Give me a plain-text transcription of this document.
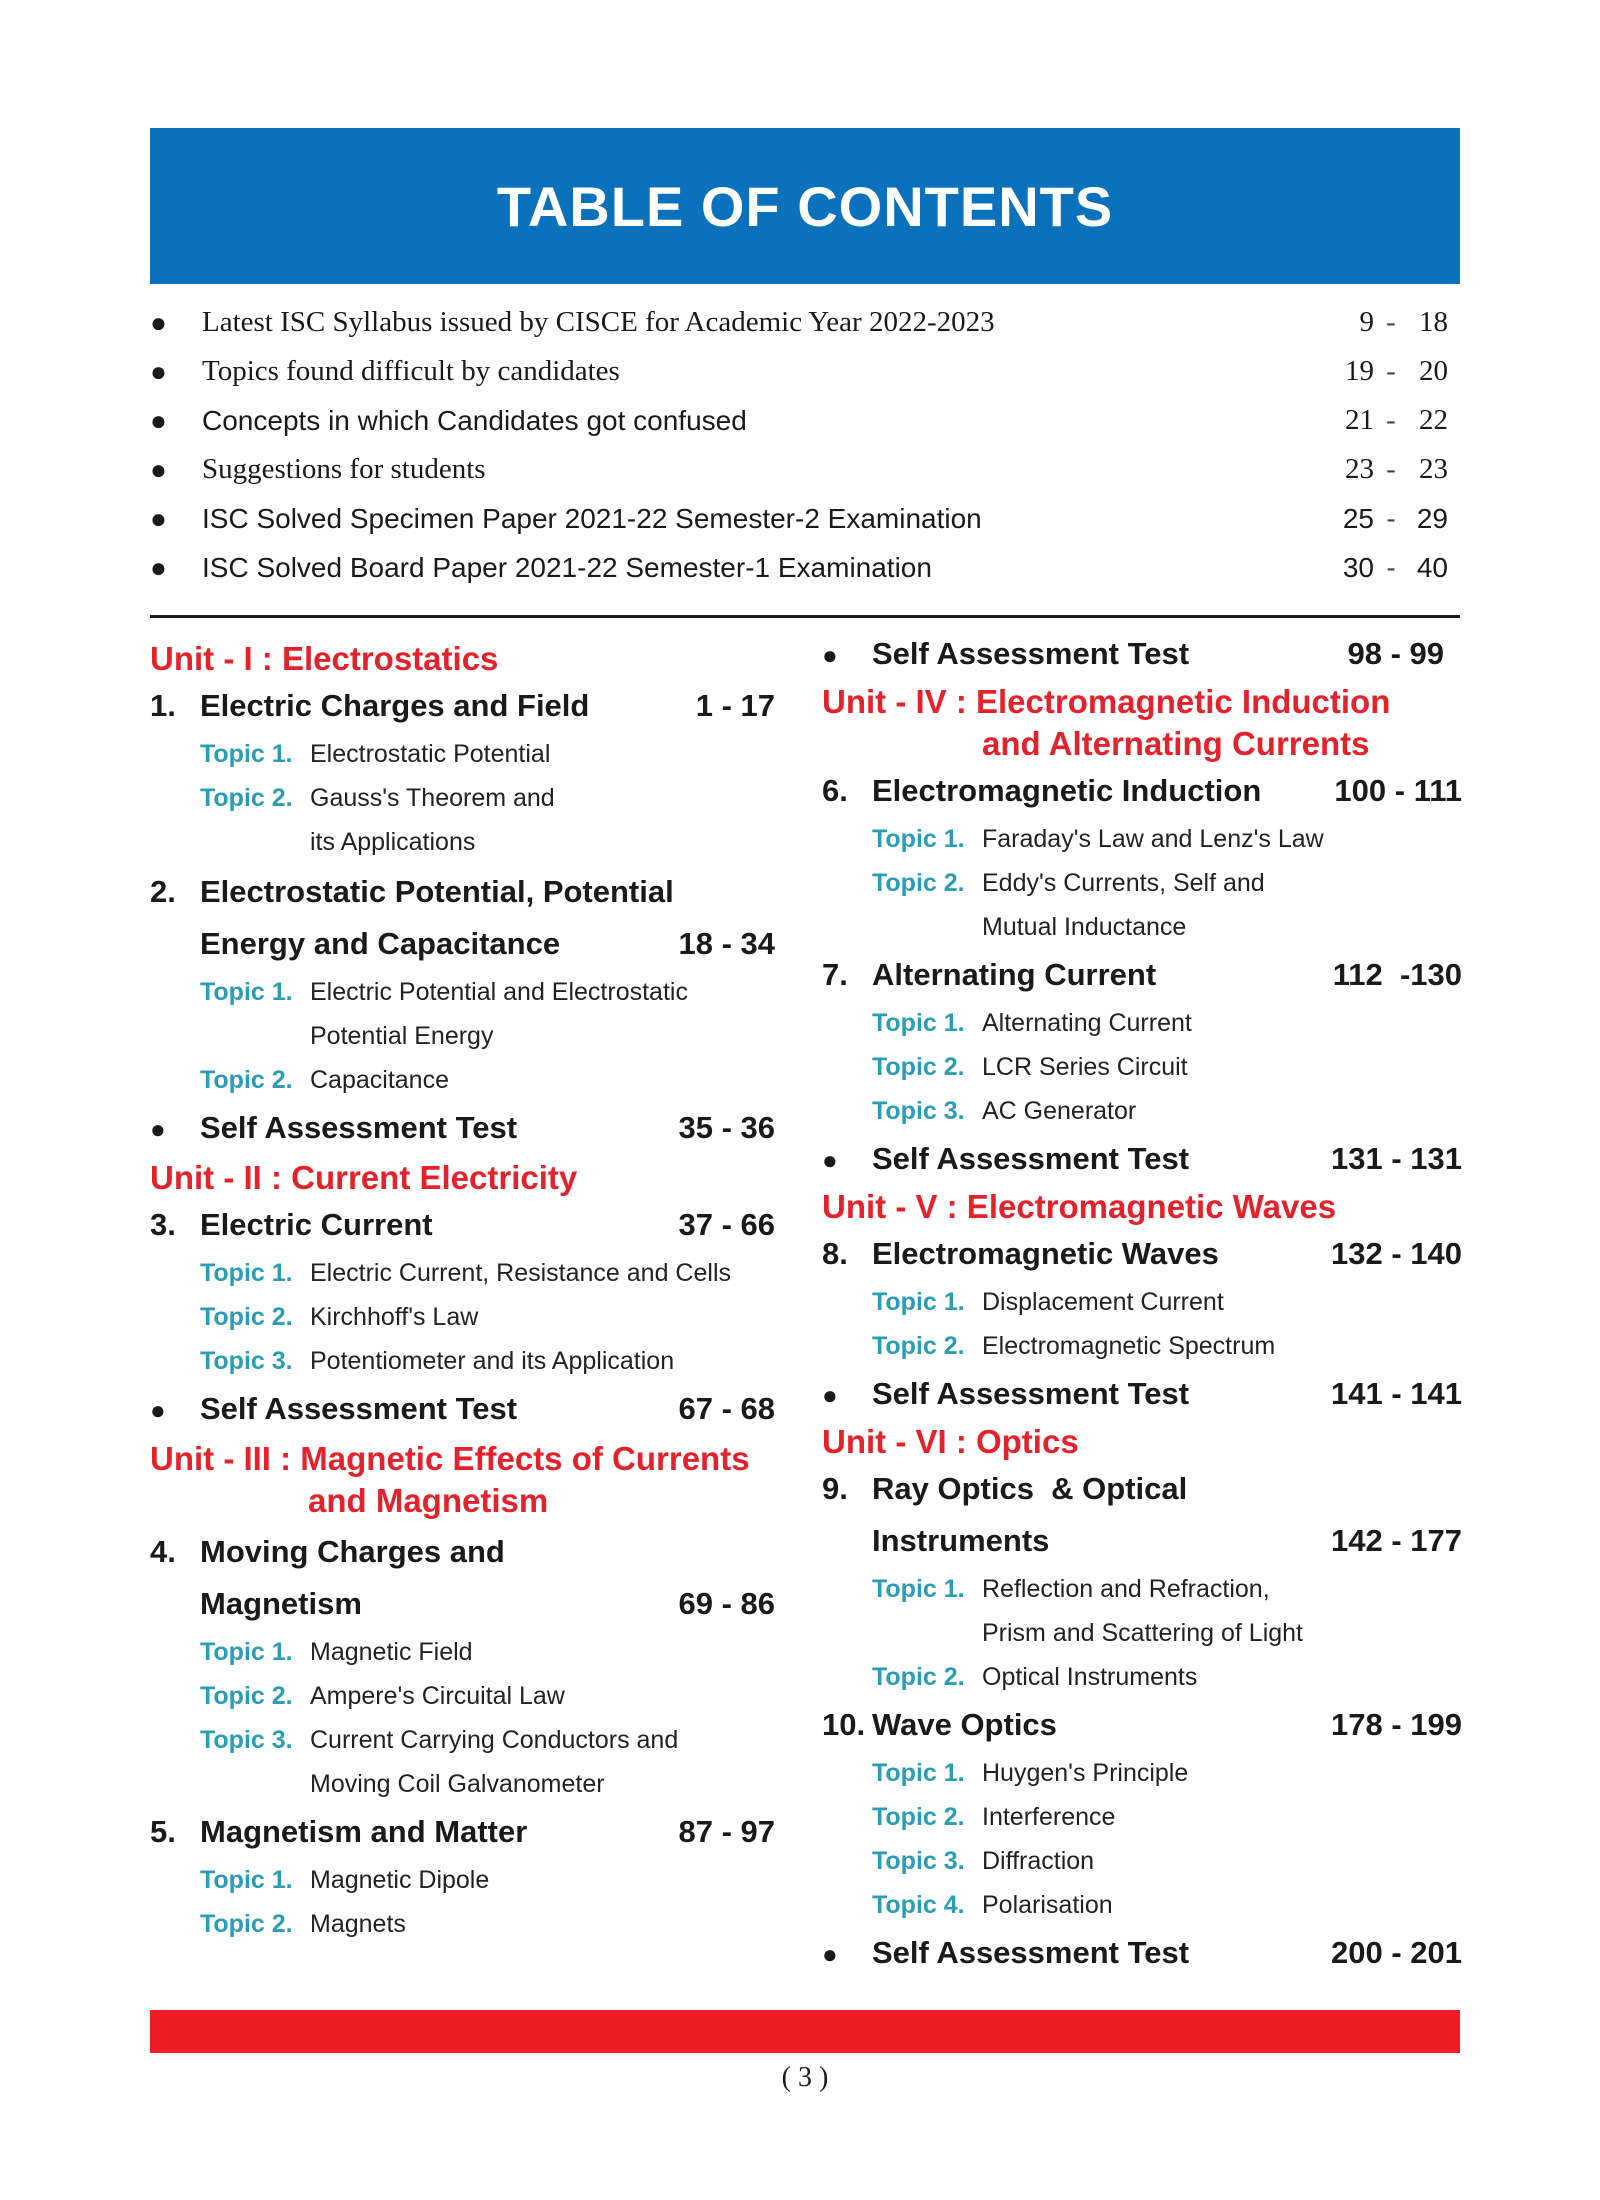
TABLE OF CONTENTS
●	Latest ISC Syllabus issued by CISCE for Academic Year 2022-2023	9 - 18
●	Topics found difficult by candidates	19 - 20
●	Concepts in which Candidates got confused	21 - 22
●	Suggestions for students	23 - 23
●	ISC Solved Specimen Paper 2021-22 Semester-2 Examination	25 - 29
●	ISC Solved Board Paper 2021-22 Semester-1 Examination	30 - 40
Unit - I : Electrostatics
1. Electric Charges and Field	1 - 17
Topic 1. Electrostatic Potential
Topic 2. Gauss's Theorem and
its Applications
2. Electrostatic Potential, Potential
Energy and Capacitance	18 - 34
Topic 1. Electric Potential and Electrostatic
Potential Energy
Topic 2. Capacitance
●	Self Assessment Test	35 - 36
Unit - II : Current Electricity
3. Electric Current	37 - 66
Topic 1. Electric Current, Resistance and Cells
Topic 2. Kirchhoff's Law
Topic 3. Potentiometer and its Application
●	Self Assessment Test	67 - 68
Unit - III : Magnetic Effects of Currents
and Magnetism
4. Moving Charges and
Magnetism	69 - 86
Topic 1. Magnetic Field
Topic 2. Ampere's Circuital Law
Topic 3. Current Carrying Conductors and
Moving Coil Galvanometer
5. Magnetism and Matter	87 - 97
Topic 1. Magnetic Dipole
Topic 2. Magnets
●	Self Assessment Test	98 - 99
Unit - IV : Electromagnetic Induction
and Alternating Currents
6. Electromagnetic Induction	100 - 111
Topic 1. Faraday's Law and Lenz's Law
Topic 2. Eddy's Currents, Self and
Mutual Inductance
7. Alternating Current	112  -130
Topic 1. Alternating Current
Topic 2. LCR Series Circuit
Topic 3. AC Generator
●	Self Assessment Test	131 - 131
Unit - V : Electromagnetic Waves
8. Electromagnetic Waves	132 - 140
Topic 1. Displacement Current
Topic 2. Electromagnetic Spectrum
●	Self Assessment Test	141 - 141
Unit - VI : Optics
9. Ray Optics  & Optical
Instruments	142 - 177
Topic 1. Reflection and Refraction,
Prism and Scattering of Light
Topic 2. Optical Instruments
10. Wave Optics	178 - 199
Topic 1. Huygen's Principle
Topic 2. Interference
Topic 3. Diffraction
Topic 4. Polarisation
●	Self Assessment Test	200 - 201
( 3 )
